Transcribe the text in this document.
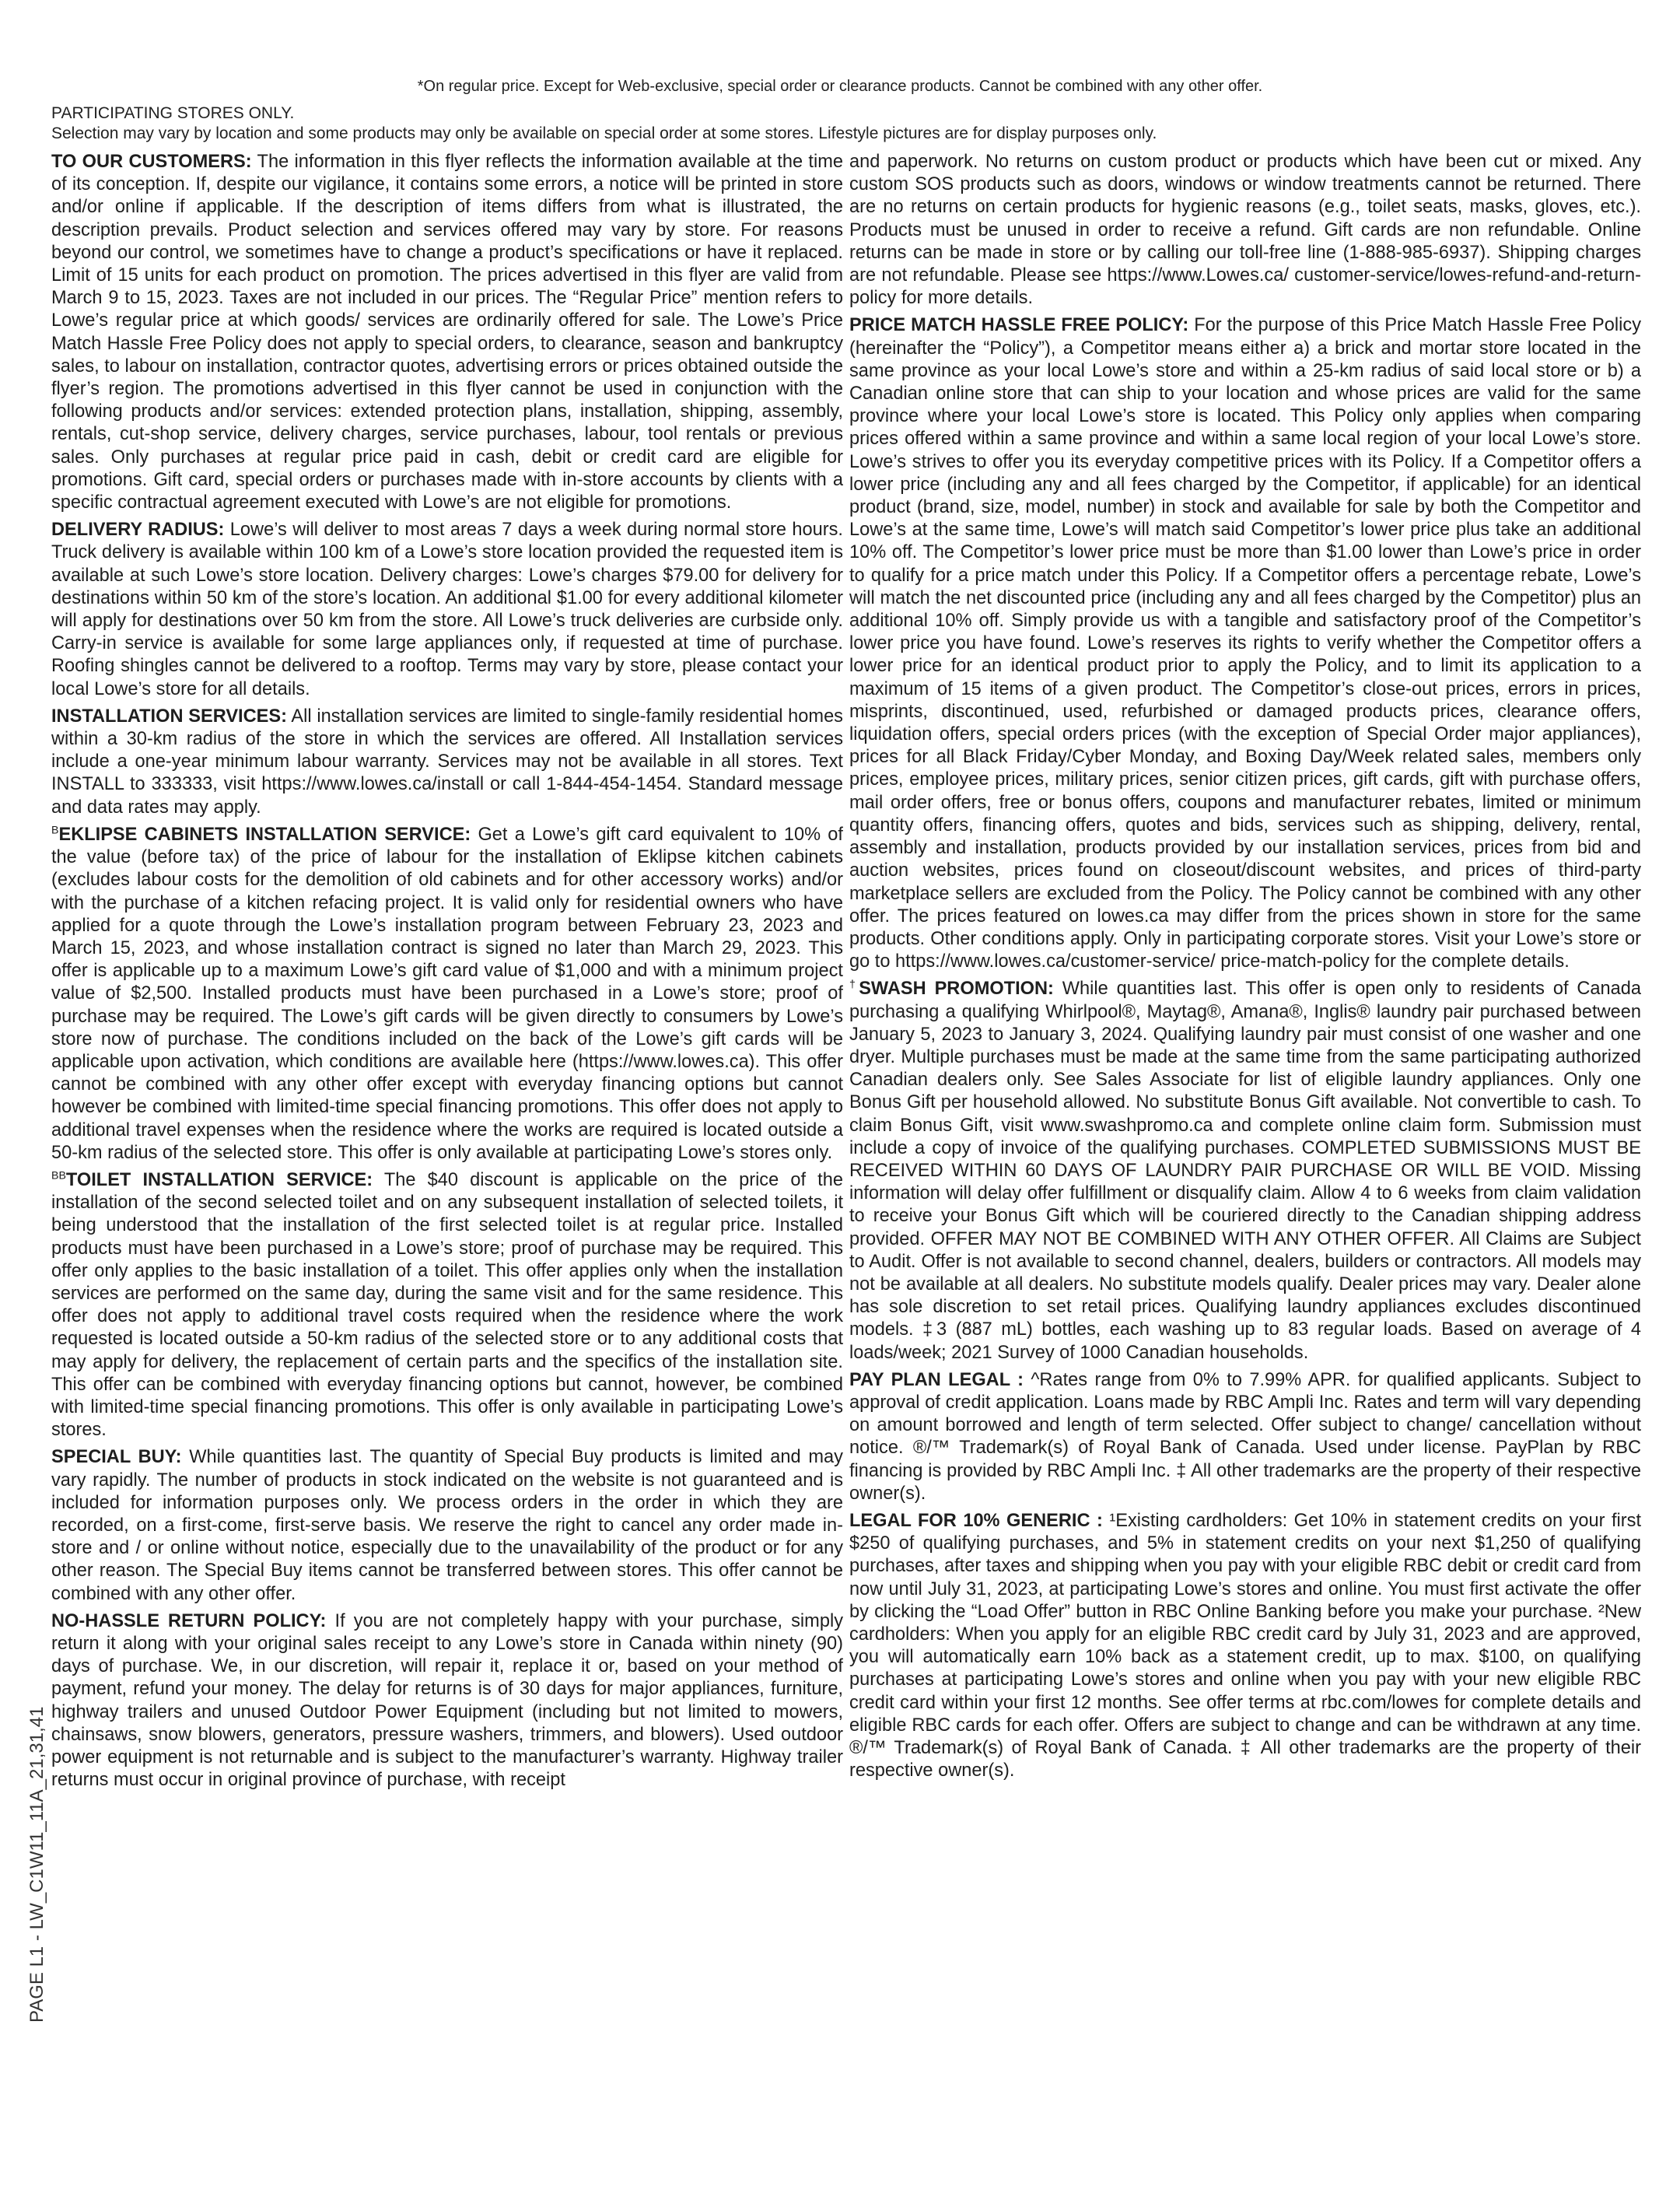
*On regular price. Except for Web-exclusive, special order or clearance products. Cannot be combined with any other offer.
PARTICIPATING STORES ONLY.
Selection may vary by location and some products may only be available on special order at some stores. Lifestyle pictures are for display purposes only.

TO OUR CUSTOMERS: The information in this flyer reflects the information available at the time of its conception. If, despite our vigilance, it contains some errors, a notice will be printed in store and/or online if applicable. If the description of items differs from what is illustrated, the description prevails. Product selection and services offered may vary by store. For reasons beyond our control, we sometimes have to change a product’s specifications or have it replaced. Limit of 15 units for each product on promotion. The prices advertised in this flyer are valid from March 9 to 15, 2023. Taxes are not included in our prices. The “Regular Price” mention refers to Lowe’s regular price at which goods/ services are ordinarily offered for sale. The Lowe’s Price Match Hassle Free Policy does not apply to special orders, to clearance, season and bankruptcy sales, to labour on installation, contractor quotes, advertising errors or prices obtained outside the flyer’s region. The promotions advertised in this flyer cannot be used in conjunction with the following products and/or services: extended protection plans, installation, shipping, assembly, rentals, cut-shop service, delivery charges, service purchases, labour, tool rentals or previous sales. Only purchases at regular price paid in cash, debit or credit card are eligible for promotions. Gift card, special orders or purchases made with in-store accounts by clients with a specific contractual agreement executed with Lowe’s are not eligible for promotions.

DELIVERY RADIUS: Lowe’s will deliver to most areas 7 days a week during normal store hours. Truck delivery is available within 100 km of a Lowe’s store location provided the requested item is available at such Lowe’s store location. Delivery charges: Lowe’s charges $79.00 for delivery for destinations within 50 km of the store’s location. An additional $1.00 for every additional kilometer will apply for destinations over 50 km from the store. All Lowe’s truck deliveries are curbside only. Carry-in service is available for some large appliances only, if requested at time of purchase. Roofing shingles cannot be delivered to a rooftop. Terms may vary by store, please contact your local Lowe’s store for all details.

INSTALLATION SERVICES: All installation services are limited to single-family residential homes within a 30-km radius of the store in which the services are offered. All Installation services include a one-year minimum labour warranty. Services may not be available in all stores. Text INSTALL to 333333, visit https://www.lowes.ca/install or call 1-844-454-1454. Standard message and data rates may apply.

$^B$EKLIPSE CABINETS INSTALLATION SERVICE: Get a Lowe’s gift card equivalent to 10% of the value (before tax) of the price of labour for the installation of Eklipse kitchen cabinets (excludes labour costs for the demolition of old cabinets and for other accessory works) and/or with the purchase of a kitchen refacing project. It is valid only for residential owners who have applied for a quote through the Lowe’s installation program between February 23, 2023 and March 15, 2023, and whose installation contract is signed no later than March 29, 2023. This offer is applicable up to a maximum Lowe’s gift card value of $1,000 and with a minimum project value of $2,500. Installed products must have been purchased in a Lowe’s store; proof of purchase may be required. The Lowe’s gift cards will be given directly to consumers by Lowe’s store now of purchase. The conditions included on the back of the Lowe’s gift cards will be applicable upon activation, which conditions are available here (https://www.lowes.ca). This offer cannot be combined with any other offer except with everyday financing options but cannot however be combined with limited-time special financing promotions. This offer does not apply to additional travel expenses when the residence where the works are required is located outside a 50-km radius of the selected store. This offer is only available at participating Lowe’s stores only.

$^{BB}$TOILET INSTALLATION SERVICE: The $40 discount is applicable on the price of the installation of the second selected toilet and on any subsequent installation of selected toilets, it being understood that the installation of the first selected toilet is at regular price. Installed products must have been purchased in a Lowe’s store; proof of purchase may be required. This offer only applies to the basic installation of a toilet. This offer applies only when the installation services are performed on the same day, during the same visit and for the same residence. This offer does not apply to additional travel costs required when the residence where the work requested is located outside a 50-km radius of the selected store or to any additional costs that may apply for delivery, the replacement of certain parts and the specifics of the installation site. This offer can be combined with everyday financing options but cannot, however, be combined with limited-time special financing promotions. This offer is only available in participating Lowe’s stores.

SPECIAL BUY: While quantities last. The quantity of Special Buy products is limited and may vary rapidly. The number of products in stock indicated on the website is not guaranteed and is included for information purposes only. We process orders in the order in which they are recorded, on a first-come, first-serve basis. We reserve the right to cancel any order made in-store and / or online without notice, especially due to the unavailability of the product or for any other reason. The Special Buy items cannot be transferred between stores. This offer cannot be combined with any other offer.

NO-HASSLE RETURN POLICY: If you are not completely happy with your purchase, simply return it along with your original sales receipt to any Lowe’s store in Canada within ninety (90) days of purchase. We, in our discretion, will repair it, replace it or, based on your method of payment, refund your money. The delay for returns is of 30 days for major appliances, furniture, highway trailers and unused Outdoor Power Equipment (including but not limited to mowers, chainsaws, snow blowers, generators, pressure washers, trimmers, and blowers). Used outdoor power equipment is not returnable and is subject to the manufacturer’s warranty. Highway trailer returns must occur in original province of purchase, with receipt

and paperwork. No returns on custom product or products which have been cut or mixed. Any custom SOS products such as doors, windows or window treatments cannot be returned. There are no returns on certain products for hygienic reasons (e.g., toilet seats, masks, gloves, etc.). Products must be unused in order to receive a refund. Gift cards are non refundable. Online returns can be made in store or by calling our toll-free line (1-888-985-6937). Shipping charges are not refundable. Please see https://www.Lowes.ca/ customer-service/lowes-refund-and-return-policy for more details.

PRICE MATCH HASSLE FREE POLICY: For the purpose of this Price Match Hassle Free Policy (hereinafter the “Policy”), a Competitor means either a) a brick and mortar store located in the same province as your local Lowe’s store and within a 25-km radius of said local store or b) a Canadian online store that can ship to your location and whose prices are valid for the same province where your local Lowe’s store is located. This Policy only applies when comparing prices offered within a same province and within a same local region of your local Lowe’s store. Lowe’s strives to offer you its everyday competitive prices with its Policy. If a Competitor offers a lower price (including any and all fees charged by the Competitor, if applicable) for an identical product (brand, size, model, number) in stock and available for sale by both the Competitor and Lowe’s at the same time, Lowe’s will match said Competitor’s lower price plus take an additional 10% off. The Competitor’s lower price must be more than $1.00 lower than Lowe’s price in order to qualify for a price match under this Policy. If a Competitor offers a percentage rebate, Lowe’s will match the net discounted price (including any and all fees charged by the Competitor) plus an additional 10% off. Simply provide us with a tangible and satisfactory proof of the Competitor’s lower price you have found. Lowe’s reserves its rights to verify whether the Competitor offers a lower price for an identical product prior to apply the Policy, and to limit its application to a maximum of 15 items of a given product. The Competitor’s close-out prices, errors in prices, misprints, discontinued, used, refurbished or damaged products prices, clearance offers, liquidation offers, special orders prices (with the exception of Special Order major appliances), prices for all Black Friday/Cyber Monday, and Boxing Day/Week related sales, members only prices, employee prices, military prices, senior citizen prices, gift cards, gift with purchase offers, mail order offers, free or bonus offers, coupons and manufacturer rebates, limited or minimum quantity offers, financing offers, quotes and bids, services such as shipping, delivery, rental, assembly and installation, products provided by our installation services, prices from bid and auction websites, prices found on closeout/discount websites, and prices of third-party marketplace sellers are excluded from the Policy. The Policy cannot be combined with any other offer. The prices featured on lowes.ca may differ from the prices shown in store for the same products. Other conditions apply. Only in participating corporate stores. Visit your Lowe’s store or go to https://www.lowes.ca/customer-service/ price-match-policy for the complete details.

†SWASH PROMOTION: While quantities last. This offer is open only to residents of Canada purchasing a qualifying Whirlpool®, Maytag®, Amana®, Inglis® laundry pair purchased between January 5, 2023 to January 3, 2024. Qualifying laundry pair must consist of one washer and one dryer. Multiple purchases must be made at the same time from the same participating authorized Canadian dealers only. See Sales Associate for list of eligible laundry appliances. Only one Bonus Gift per household allowed. No substitute Bonus Gift available. Not convertible to cash. To claim Bonus Gift, visit www.swashpromo.ca and complete online claim form. Submission must include a copy of invoice of the qualifying purchases. COMPLETED SUBMISSIONS MUST BE RECEIVED WITHIN 60 DAYS OF LAUNDRY PAIR PURCHASE OR WILL BE VOID. Missing information will delay offer fulfillment or disqualify claim. Allow 4 to 6 weeks from claim validation to receive your Bonus Gift which will be couriered directly to the Canadian shipping address provided. OFFER MAY NOT BE COMBINED WITH ANY OTHER OFFER. All Claims are Subject to Audit. Offer is not available to second channel, dealers, builders or contractors. All models may not be available at all dealers. No substitute models qualify. Dealer prices may vary. Dealer alone has sole discretion to set retail prices. Qualifying laundry appliances excludes discontinued models. ‡3 (887 mL) bottles, each washing up to 83 regular loads. Based on average of 4 loads/week; 2021 Survey of 1000 Canadian households.

PAY PLAN LEGAL : ^Rates range from 0% to 7.99% APR. for qualified applicants. Subject to approval of credit application. Loans made by RBC Ampli Inc. Rates and term will vary depending on amount borrowed and length of term selected. Offer subject to change/ cancellation without notice. ®/™ Trademark(s) of Royal Bank of Canada. Used under license. PayPlan by RBC financing is provided by RBC Ampli Inc. ‡ All other trademarks are the property of their respective owner(s).

LEGAL FOR 10% GENERIC : ¹Existing cardholders: Get 10% in statement credits on your first $250 of qualifying purchases, and 5% in statement credits on your next $1,250 of qualifying purchases, after taxes and shipping when you pay with your eligible RBC debit or credit card from now until July 31, 2023, at participating Lowe’s stores and online. You must first activate the offer by clicking the “Load Offer” button in RBC Online Banking before you make your purchase. ²New cardholders: When you apply for an eligible RBC credit card by July 31, 2023 and are approved, you will automatically earn 10% back as a statement credit, up to max. $100, on qualifying purchases at participating Lowe’s stores and online when you pay with your new eligible RBC credit card within your first 12 months. See offer terms at rbc.com/lowes for complete details and eligible RBC cards for each offer. Offers are subject to change and can be withdrawn at any time. ®/™ Trademark(s) of Royal Bank of Canada. ‡ All other trademarks are the property of their respective owner(s).

PAGE L1 - LW_C1W11_11A_21,31,41
